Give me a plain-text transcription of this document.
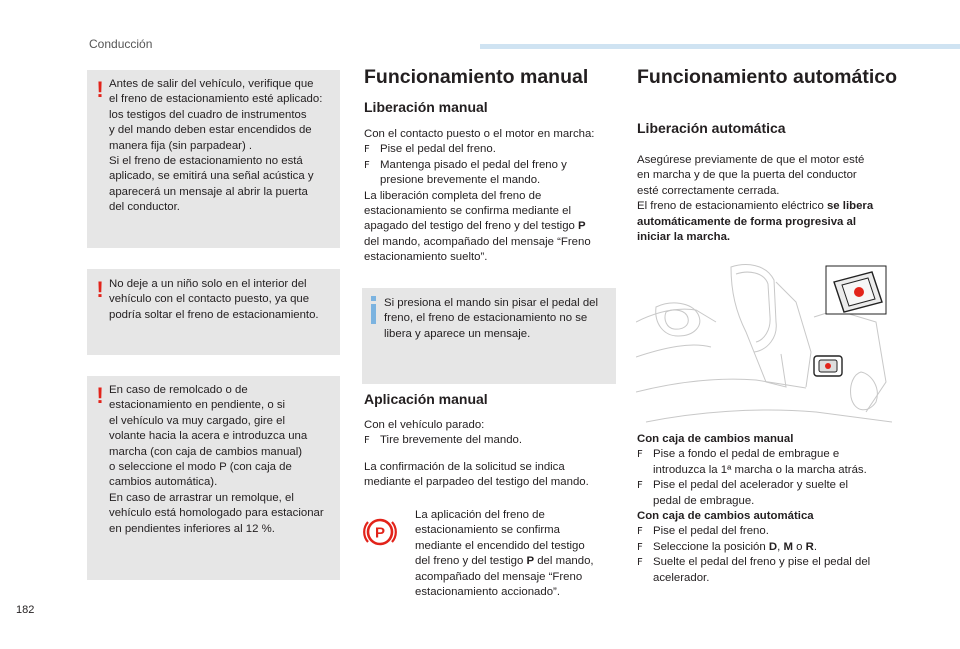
Conducción
! Antes de salir del vehículo, verifique que
el freno de estacionamiento esté aplicado:
los testigos del cuadro de instrumentos
y del mando deben estar encendidos de
manera fija (sin parpadear) .
Si el freno de estacionamiento no está
aplicado, se emitirá una señal acústica y
aparecerá un mensaje al abrir la puerta
del conductor.
! No deje a un niño solo en el interior del
vehículo con el contacto puesto, ya que
podría soltar el freno de estacionamiento.
! En caso de remolcado o de
estacionamiento en pendiente, o si
el vehículo va muy cargado, gire el
volante hacia la acera e introduzca una
marcha (con caja de cambios manual)
o seleccione el modo P (con caja de
cambios automática).
En caso de arrastrar un remolque, el
vehículo está homologado para estacionar
en pendientes inferiores al 12 %.
Funcionamiento manual
Liberación manual
Con el contacto puesto o el motor en marcha:
F Pise el pedal del freno.
F Mantenga pisado el pedal del freno y
presione brevemente el mando.
La liberación completa del freno de
estacionamiento se confirma mediante el
apagado del testigo del freno y del testigo P
del mando, acompañado del mensaje “Freno
estacionamiento suelto”.
Si presiona el mando sin pisar el pedal del
freno, el freno de estacionamiento no se
libera y aparece un mensaje.
Aplicación manual
Con el vehículo parado:
F Tire brevemente del mando.
La confirmación de la solicitud se indica
mediante el parpadeo del testigo del mando.
P
La aplicación del freno de
estacionamiento se confirma
mediante el encendido del testigo
del freno y del testigo P del mando,
acompañado del mensaje “Freno
estacionamiento accionado”.
Funcionamiento automático
Liberación automática
Asegúrese previamente de que el motor esté
en marcha y de que la puerta del conductor
esté correctamente cerrada.
El freno de estacionamiento eléctrico se libera
automáticamente de forma progresiva al
iniciar la marcha.
Con caja de cambios manual
F Pise a fondo el pedal de embrague e
introduzca la 1ª marcha o la marcha atrás.
F Pise el pedal del acelerador y suelte el
pedal de embrague.
Con caja de cambios automática
F Pise el pedal del freno.
F Seleccione la posición D, M o R.
F Suelte el pedal del freno y pise el pedal del
acelerador.
182
